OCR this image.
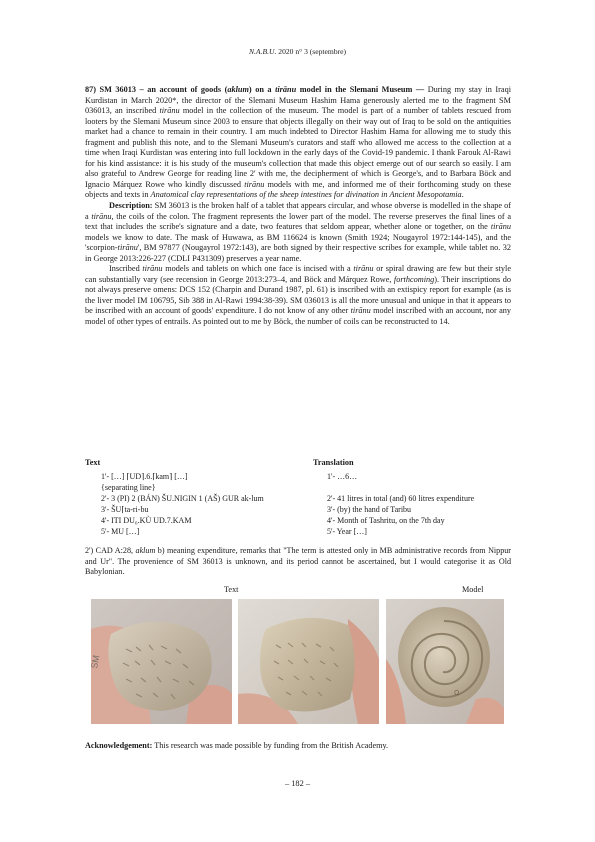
N.A.B.U. 2020 n° 3 (septembre)

87) SM 36013 – an account of goods (aklum) on a tirānu model in the Slemani Museum — During my stay in Iraqi Kurdistan in March 2020*, the director of the Slemani Museum Hashim Hama generously alerted me to the fragment SM 036013, an inscribed tirānu model in the collection of the museum. The model is part of a number of tablets rescued from looters by the Slemani Museum since 2003 to ensure that objects illegally on their way out of Iraq to be sold on the antiquities market had a chance to remain in their country. I am much indebted to Director Hashim Hama for allowing me to study this fragment and publish this note, and to the Slemani Museum's curators and staff who allowed me access to the collection at a time when Iraqi Kurdistan was entering into full lockdown in the early days of the Covid-19 pandemic. I thank Farouk Al-Rawi for his kind assistance: it is his study of the museum's collection that made this object emerge out of our search so easily. I am also grateful to Andrew George for reading line 2' with me, the decipherment of which is George's, and to Barbara Böck and Ignacio Márquez Rowe who kindly discussed tirānu models with me, and informed me of their forthcoming study on these objects and texts in Anatomical clay representations of the sheep intestines for divination in Ancient Mesopotamia.

Description: SM 36013 is the broken half of a tablet that appears circular, and whose obverse is modelled in the shape of a tirānu, the coils of the colon. The fragment represents the lower part of the model. The reverse preserves the final lines of a text that includes the scribe's signature and a date, two features that seldom appear, whether alone or together, on the tirānu models we know to date. The mask of Huwawa, as BM 116624 is known (Smith 1924; Nougayrol 1972:144-145), and the 'scorpion-tirānu', BM 97877 (Nougayrol 1972:143), are both signed by their respective scribes for example, while tablet no. 32 in George 2013:226-227 (CDLI P431309) preserves a year name.

Inscribed tirānu models and tablets on which one face is incised with a tirānu or spiral drawing are few but their style can substantially vary (see recension in George 2013:273–4, and Böck and Márquez Rowe, forthcoming). Their inscriptions do not always preserve omens: DCS 152 (Charpin and Durand 1987, pl. 61) is inscribed with an extispicy report for example (as is the liver model IM 106795, Sib 388 in Al-Rawi 1994:38-39). SM 036013 is all the more unusual and unique in that it appears to be inscribed with an account of goods' expenditure. I do not know of any other tirānu model inscribed with an account, nor any model of other types of entrails. As pointed out to me by Böck, the number of coils can be reconstructed to 14.

Text	Translation
1'- […] ⌈UD⌉.6.⌈kam⌉ […]
{separating line}
2'- 3 (PI) 2 (BÁN) ŠU.NIGIN 1 (AŠ) GUR ak-lum
3'- ŠU⌈ta-ri-bu
4'- ITI DU₆.KÙ UD.7.KAM
5'- MU […]
1'- …6…
2'- 41 litres in total (and) 60 litres expenditure
3'- (by) the hand of Taribu
4'- Month of Tashritu, on the 7th day
5'- Year […]
2') CAD A:28, aklum b) meaning expenditure, remarks that "The term is attested only in MB administrative records from Nippur and Ur". The provenience of SM 36013 is unknown, and its period cannot be ascertained, but I would categorise it as Old Babylonian.
Text	Model
SM
Ω
Acknowledgement: This research was made possible by funding from the British Academy.
– 182 –
